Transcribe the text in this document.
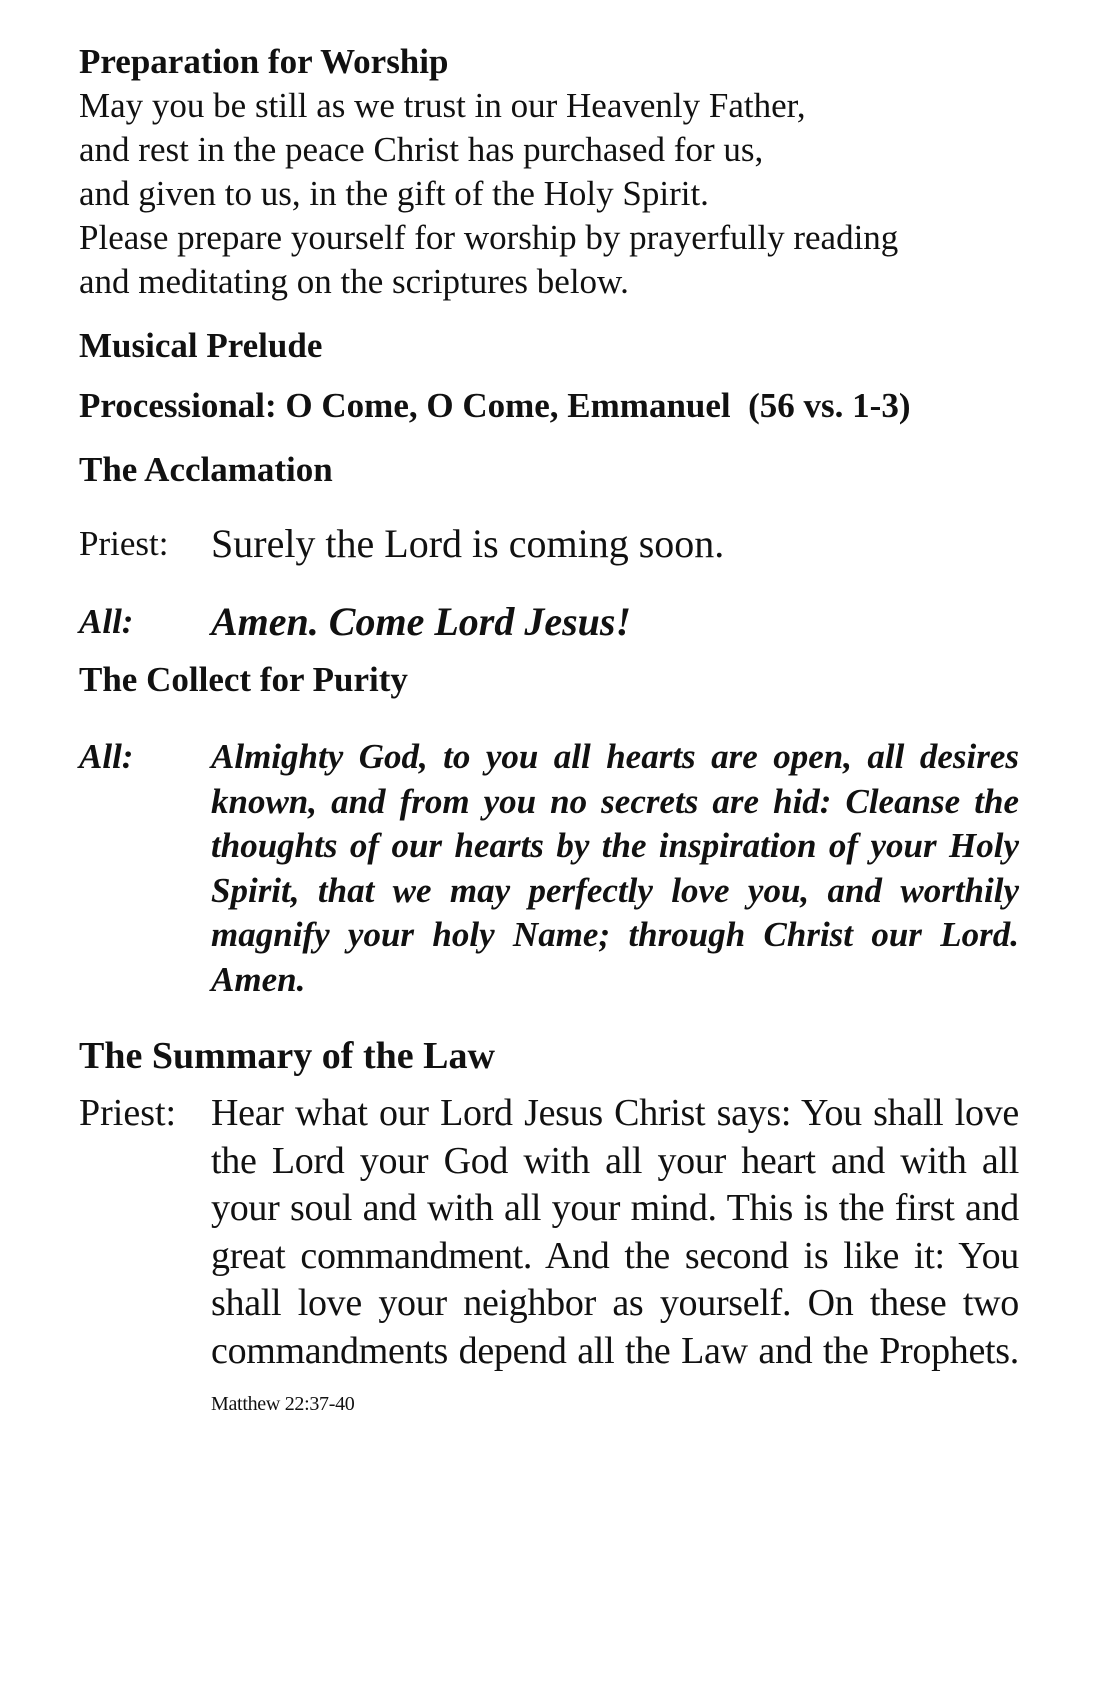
Preparation for Worship

May you be still as we trust in our Heavenly Father,

and rest in the peace Christ has purchased for us,

and given to us, in the gift of the Holy Spirit.

Please prepare yourself for worship by prayerfully reading

and meditating on the scriptures below.

Musical Prelude

Processional: O Come, O Come, Emmanuel  (56 vs. 1-3)

The Acclamation

Priest:	Surely the Lord is coming soon.
All:	Amen. Come Lord Jesus!

The Collect for Purity

All:	Almighty God, to you all hearts are open, all desires known, and from you no secrets are hid: Cleanse the thoughts of our hearts by the inspiration of your Holy Spirit, that we may perfectly love you, and worthily magnify your holy Name; through Christ our Lord. Amen.

The Summary of the Law

Priest: Hear what our Lord Jesus Christ says: You shall love the Lord your God with all your heart and with all your soul and with all your mind. This is the first and great commandment. And the second is like it: You shall love your neighbor as yourself. On these two commandments depend all the Law and the Prophets. Matthew 22:37-40
